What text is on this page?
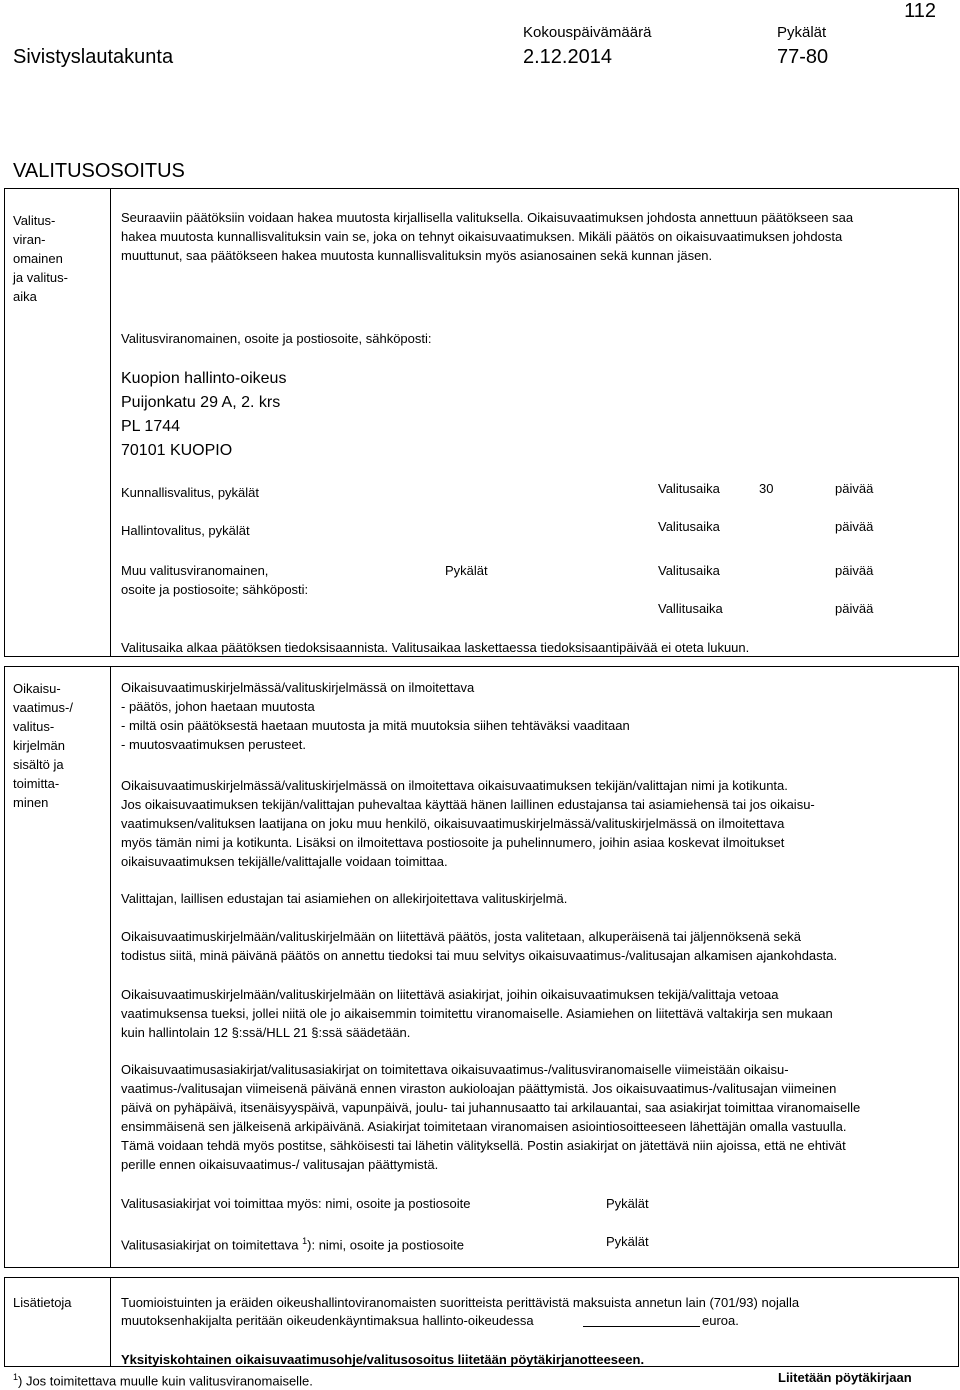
112
Sivistyslautakunta
Kokouspäivämäärä
2.12.2014
Pykälät
77-80
VALITUSOSOITUS
Valitus-
viran-
omainen
ja valitus-
aika
Seuraaviin päätöksiin voidaan hakea muutosta kirjallisella valituksella. Oikaisuvaatimuksen johdosta annettuun päätökseen saa
hakea muutosta kunnallisvalituksin vain se, joka on tehnyt oikaisuvaatimuksen. Mikäli päätös on oikaisuvaatimuksen johdosta
muuttunut, saa päätökseen hakea muutosta kunnallisvalituksin myös asianosainen sekä kunnan jäsen.
Valitusviranomainen, osoite ja postiosoite, sähköposti:
Kuopion hallinto-oikeus
Puijonkatu 29 A, 2. krs
PL 1744
70101 KUOPIO
Kunnallisvalitus, pykälät	Valitusaika	30	päivää
Hallintovalitus, pykälät	Valitusaika	päivää
Muu valitusviranomainen,
osoite ja postiosoite; sähköposti:
Pykälät	Valitusaika	päivää
Vallitusaika	päivää
Valitusaika alkaa päätöksen tiedoksisaannista. Valitusaikaa laskettaessa tiedoksisaantipäivää ei oteta lukuun.
Oikaisu-
vaatimus-/
valitus-
kirjelmän
sisältö ja
toimitta-
minen
Oikaisuvaatimuskirjelmässä/valituskirjelmässä on ilmoitettava
- päätös, johon haetaan muutosta
- miltä osin päätöksestä haetaan muutosta ja mitä muutoksia siihen tehtäväksi vaaditaan
- muutosvaatimuksen perusteet.
Oikaisuvaatimuskirjelmässä/valituskirjelmässä on ilmoitettava oikaisuvaatimuksen tekijän/valittajan nimi ja kotikunta.
Jos oikaisuvaatimuksen tekijän/valittajan puhevaltaa käyttää hänen laillinen edustajansa tai asiamiehensä tai jos oikaisu-
vaatimuksen/valituksen laatijana on joku muu henkilö, oikaisuvaatimuskirjelmässä/valituskirjelmässä on ilmoitettava
myös tämän nimi ja kotikunta. Lisäksi on ilmoitettava postiosoite ja puhelinnumero, joihin asiaa koskevat ilmoitukset
oikaisuvaatimuksen tekijälle/valittajalle voidaan toimittaa.
Valittajan, laillisen edustajan tai asiamiehen on allekirjoitettava valituskirjelmä.
Oikaisuvaatimuskirjelmään/valituskirjelmään on liitettävä päätös, josta valitetaan, alkuperäisenä tai jäljennöksenä sekä
todistus siitä, minä päivänä päätös on annettu tiedoksi tai muu selvitys oikaisuvaatimus-/valitusajan alkamisen ajankohdasta.
Oikaisuvaatimuskirjelmään/valituskirjelmään on liitettävä asiakirjat, joihin oikaisuvaatimuksen tekijä/valittaja vetoaa
vaatimuksensa tueksi, jollei niitä ole jo aikaisemmin toimitettu viranomaiselle. Asiamiehen on liitettävä valtakirja sen mukaan
kuin hallintolain 12 §:ssä/HLL 21 §:ssä säädetään.
Oikaisuvaatimusasiakirjat/valitusasiakirjat on toimitettava oikaisuvaatimus-/valitusviranomaiselle viimeistään oikaisu-
vaatimus-/valitusajan viimeisenä päivänä ennen viraston aukioloajan päättymistä. Jos oikaisuvaatimus-/valitusajan viimeinen
päivä on pyhäpäivä, itsenäisyyspäivä, vapunpäivä, joulu- tai juhannusaatto tai arkilauantai, saa asiakirjat toimittaa viranomaiselle
ensimmäisenä sen jälkeisenä arkipäivänä. Asiakirjat toimitetaan viranomaisen asiointiosoitteeseen lähettäjän omalla vastuulla.
Tämä voidaan tehdä myös postitse, sähköisesti tai lähetin välityksellä. Postin asiakirjat on jätettävä niin ajoissa, että ne ehtivät
perille ennen oikaisuvaatimus-/ valitusajan päättymistä.
Valitusasiakirjat voi toimittaa myös: nimi, osoite ja postiosoite	Pykälät
Valitusasiakirjat on toimitettava $^1$): nimi, osoite ja postiosoite	Pykälät
Lisätietoja	Tuomioistuinten ja eräiden oikeushallintoviranomaisten suoritteista perittävistä maksuista annetun lain (701/93) nojalla
muutoksenhakijalta peritään oikeudenkäyntimaksua hallinto-oikeudessa	euroa.
Yksityiskohtainen oikaisuvaatimusohje/valitusosoitus liitetään pöytäkirjanotteeseen.
$^1$) Jos toimitettava muulle kuin valitusviranomaiselle.	Liitetään pöytäkirjaan
